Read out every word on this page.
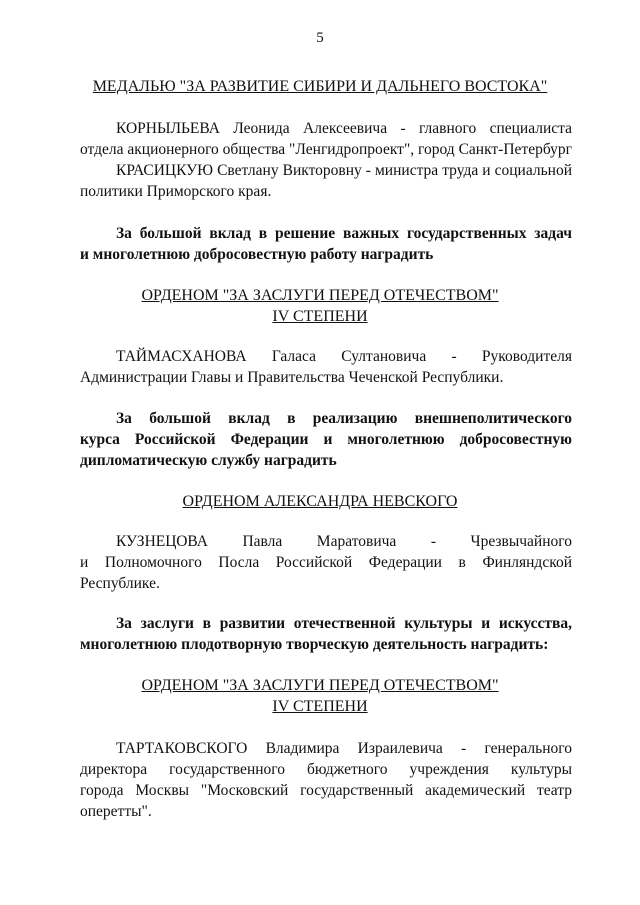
5
МЕДАЛЬЮ "ЗА РАЗВИТИЕ СИБИРИ И ДАЛЬНЕГО ВОСТОКА"
КОРНЫЛЬЕВА Леонида Алексеевича - главного специалиста
отдела акционерного общества "Ленгидропроект", город Санкт-Петербург
КРАСИЦКУЮ Светлану Викторовну - министра труда и социальной
политики Приморского края.
За большой вклад в решение важных государственных задач
и многолетнюю добросовестную работу наградить
ОРДЕНОМ "ЗА ЗАСЛУГИ ПЕРЕД ОТЕЧЕСТВОМ"
IV СТЕПЕНИ
ТАЙМАСХАНОВА Галаса Султановича - Руководителя
Администрации Главы и Правительства Чеченской Республики.
За большой вклад в реализацию внешнеполитического
курса Российской Федерации и многолетнюю добросовестную
дипломатическую службу наградить
ОРДЕНОМ АЛЕКСАНДРА НЕВСКОГО
КУЗНЕЦОВА Павла Маратовича - Чрезвычайного
и Полномочного Посла Российской Федерации в Финляндской
Республике.
За заслуги в развитии отечественной культуры и искусства,
многолетнюю плодотворную творческую деятельность наградить:
ОРДЕНОМ "ЗА ЗАСЛУГИ ПЕРЕД ОТЕЧЕСТВОМ"
IV СТЕПЕНИ
ТАРТАКОВСКОГО Владимира Израилевича - генерального
директора государственного бюджетного учреждения культуры
города Москвы "Московский государственный академический театр
оперетты".
